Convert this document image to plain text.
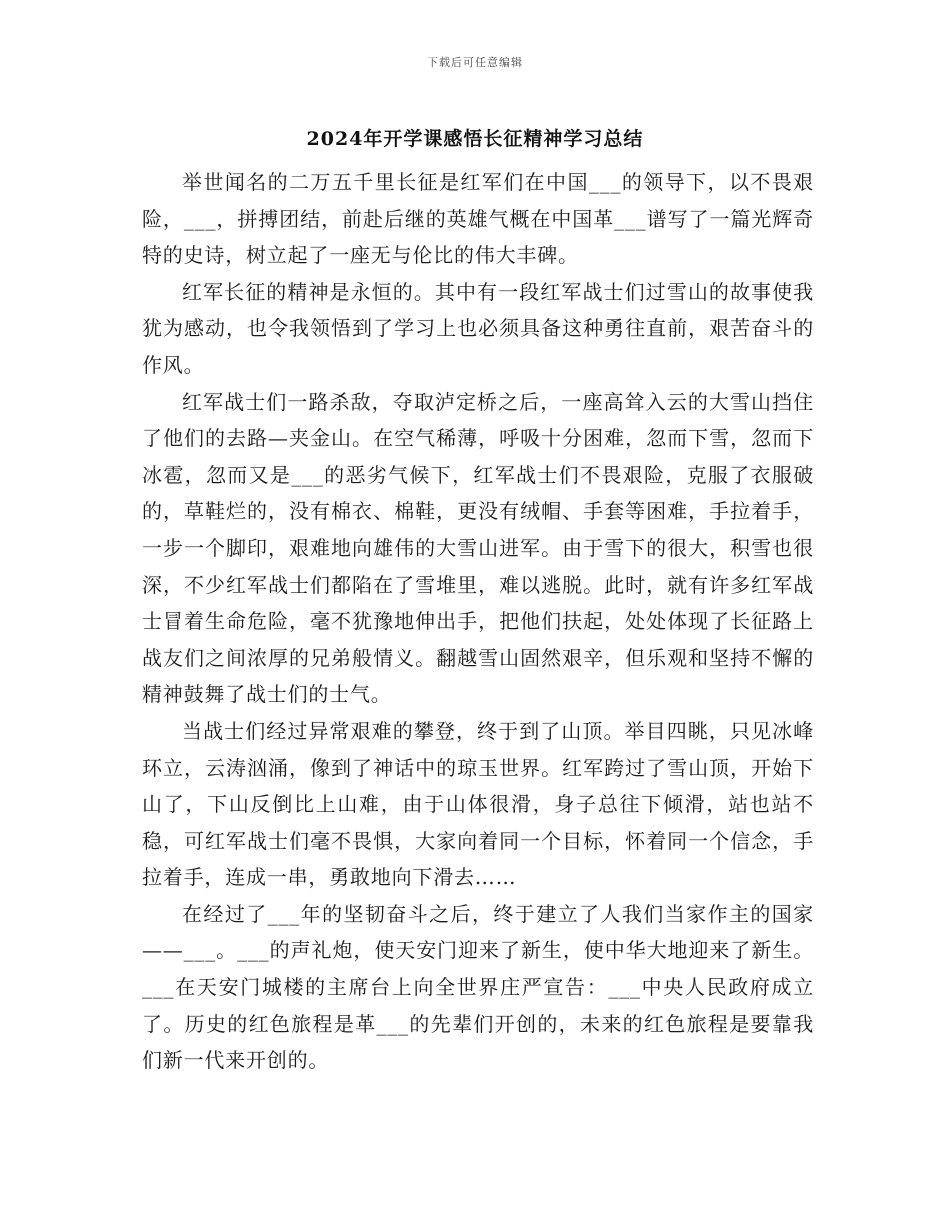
下载后可任意编辑
2024年开学课感悟长征精神学习总结

举世闻名的二万五千里长征是红军们在中国___的领导下，以不畏艰险，___，拼搏团结，前赴后继的英雄气概在中国革___谱写了一篇光辉奇特的史诗，树立起了一座无与伦比的伟大丰碑。

红军长征的精神是永恒的。其中有一段红军战士们过雪山的故事使我犹为感动，也令我领悟到了学习上也必须具备这种勇往直前，艰苦奋斗的作风。

红军战士们一路杀敌，夺取泸定桥之后，一座高耸入云的大雪山挡住了他们的去路—夹金山。在空气稀薄，呼吸十分困难，忽而下雪，忽而下冰雹，忽而又是___的恶劣气候下，红军战士们不畏艰险，克服了衣服破的，草鞋烂的，没有棉衣、棉鞋，更没有绒帽、手套等困难，手拉着手，一步一个脚印，艰难地向雄伟的大雪山进军。由于雪下的很大，积雪也很深，不少红军战士们都陷在了雪堆里，难以逃脱。此时，就有许多红军战士冒着生命危险，毫不犹豫地伸出手，把他们扶起，处处体现了长征路上战友们之间浓厚的兄弟般情义。翻越雪山固然艰辛，但乐观和坚持不懈的精神鼓舞了战士们的士气。

当战士们经过异常艰难的攀登，终于到了山顶。举目四眺，只见冰峰环立，云涛汹涌，像到了神话中的琼玉世界。红军跨过了雪山顶，开始下山了，下山反倒比上山难，由于山体很滑，身子总往下倾滑，站也站不稳，可红军战士们毫不畏惧，大家向着同一个目标，怀着同一个信念，手拉着手，连成一串，勇敢地向下滑去……

在经过了___年的坚韧奋斗之后，终于建立了人我们当家作主的国家——___。___的声礼炮，使天安门迎来了新生，使中华大地迎来了新生。___在天安门城楼的主席台上向全世界庄严宣告：___中央人民政府成立了。历史的红色旅程是革___的先辈们开创的，未来的红色旅程是要靠我们新一代来开创的。
